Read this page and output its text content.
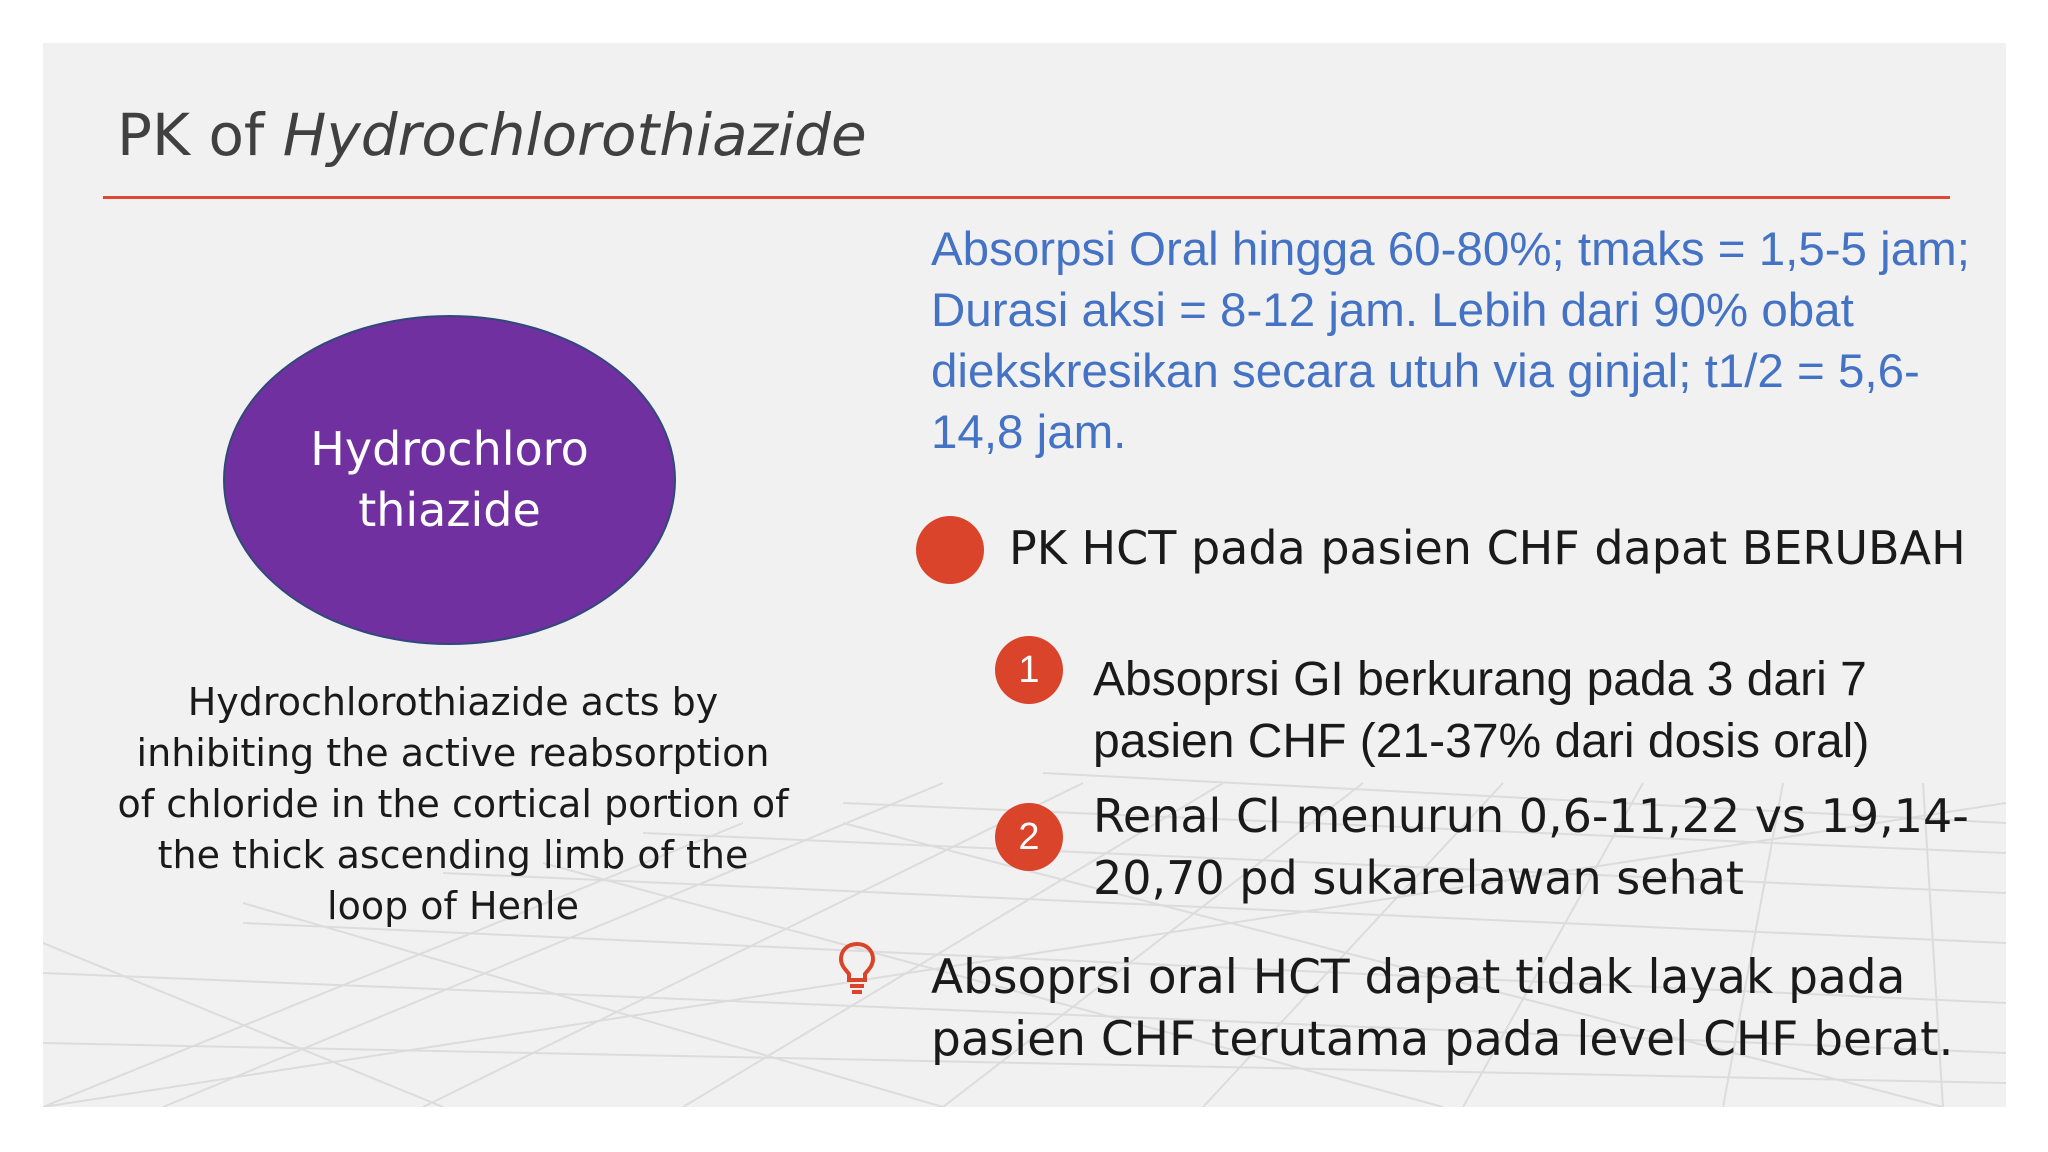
PK of Hydrochlorothiazide
Hydrochloro
thiazide
Hydrochlorothiazide acts by inhibiting the active reabsorption of chloride in the cortical portion of the thick ascending limb of the loop of Henle
Absorpsi Oral hingga 60-80%; tmaks = 1,5-5 jam; Durasi aksi = 8-12 jam. Lebih dari 90% obat diekskresikan secara utuh via ginjal; t1/2 = 5,6-14,8 jam.
PK HCT pada pasien CHF dapat BERUBAH
1	Absoprsi GI berkurang pada 3 dari 7 pasien CHF (21-37% dari dosis oral)
2	Renal Cl menurun 0,6-11,22 vs 19,14-20,70 pd sukarelawan sehat
Absoprsi oral HCT dapat tidak layak pada pasien CHF terutama pada level CHF berat.
